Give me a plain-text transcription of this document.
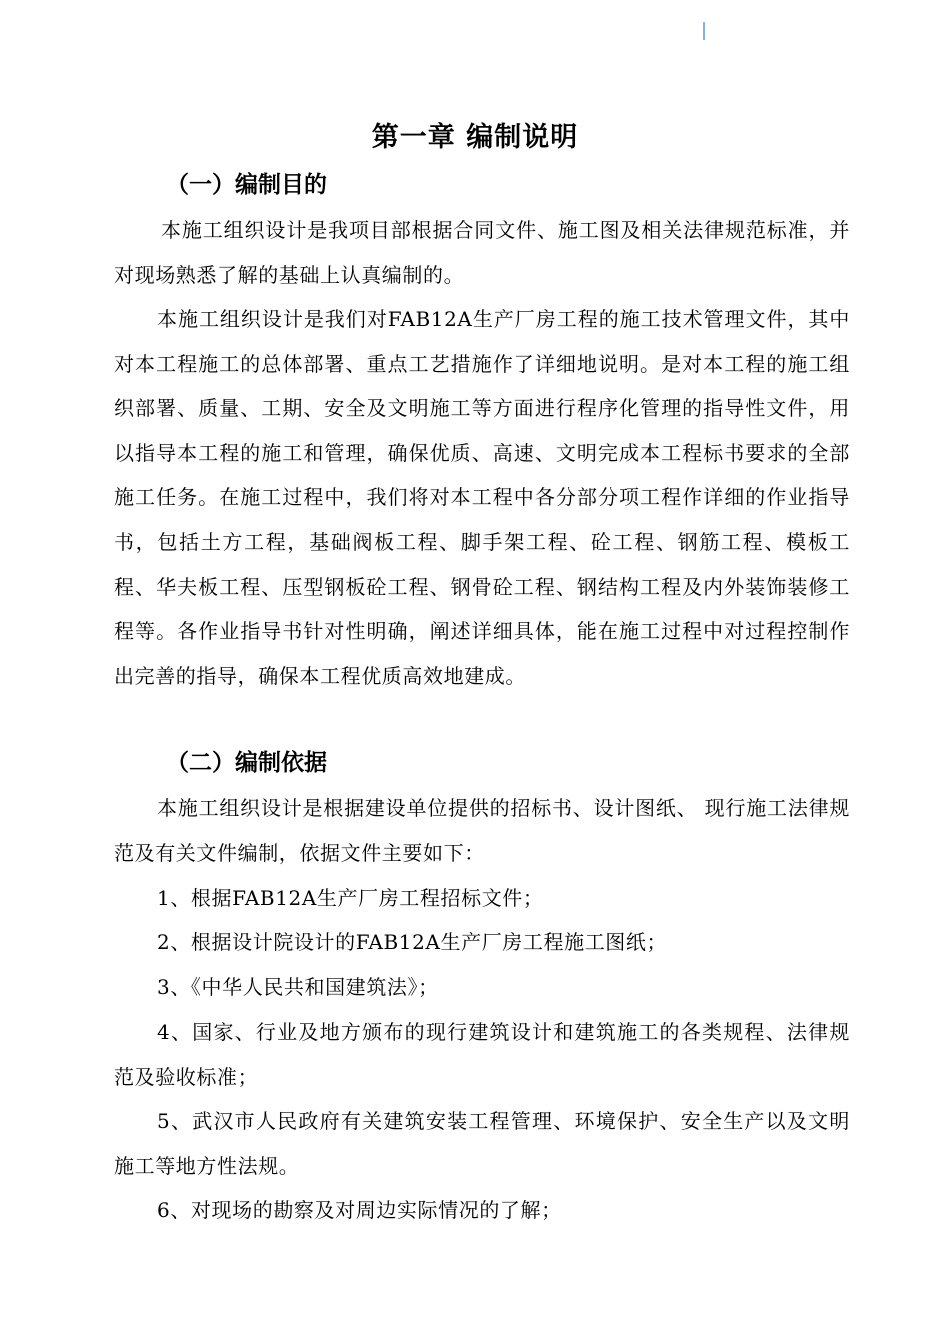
第一章 编制说明
（一）编制目的
本施工组织设计是我项目部根据合同文件、施工图及相关法律规范标准，并对现场熟悉了解的基础上认真编制的。
本施工组织设计是我们对FAB12A生产厂房工程的施工技术管理文件，其中对本工程施工的总体部署、重点工艺措施作了详细地说明。是对本工程的施工组织部署、质量、工期、安全及文明施工等方面进行程序化管理的指导性文件，用以指导本工程的施工和管理，确保优质、高速、文明完成本工程标书要求的全部施工任务。在施工过程中，我们将对本工程中各分部分项工程作详细的作业指导书，包括土方工程，基础阀板工程、脚手架工程、砼工程、钢筋工程、模板工程、华夫板工程、压型钢板砼工程、钢骨砼工程、钢结构工程及内外装饰装修工程等。各作业指导书针对性明确，阐述详细具体，能在施工过程中对过程控制作出完善的指导，确保本工程优质高效地建成。
（二）编制依据
本施工组织设计是根据建设单位提供的招标书、设计图纸、 现行施工法律规范及有关文件编制，依据文件主要如下：
1、根据FAB12A生产厂房工程招标文件；
2、根据设计院设计的FAB12A生产厂房工程施工图纸；
3、《中华人民共和国建筑法》；
4、国家、行业及地方颁布的现行建筑设计和建筑施工的各类规程、法律规范及验收标准；
5、武汉市人民政府有关建筑安装工程管理、环境保护、安全生产以及文明施工等地方性法规。
6、对现场的勘察及对周边实际情况的了解；
